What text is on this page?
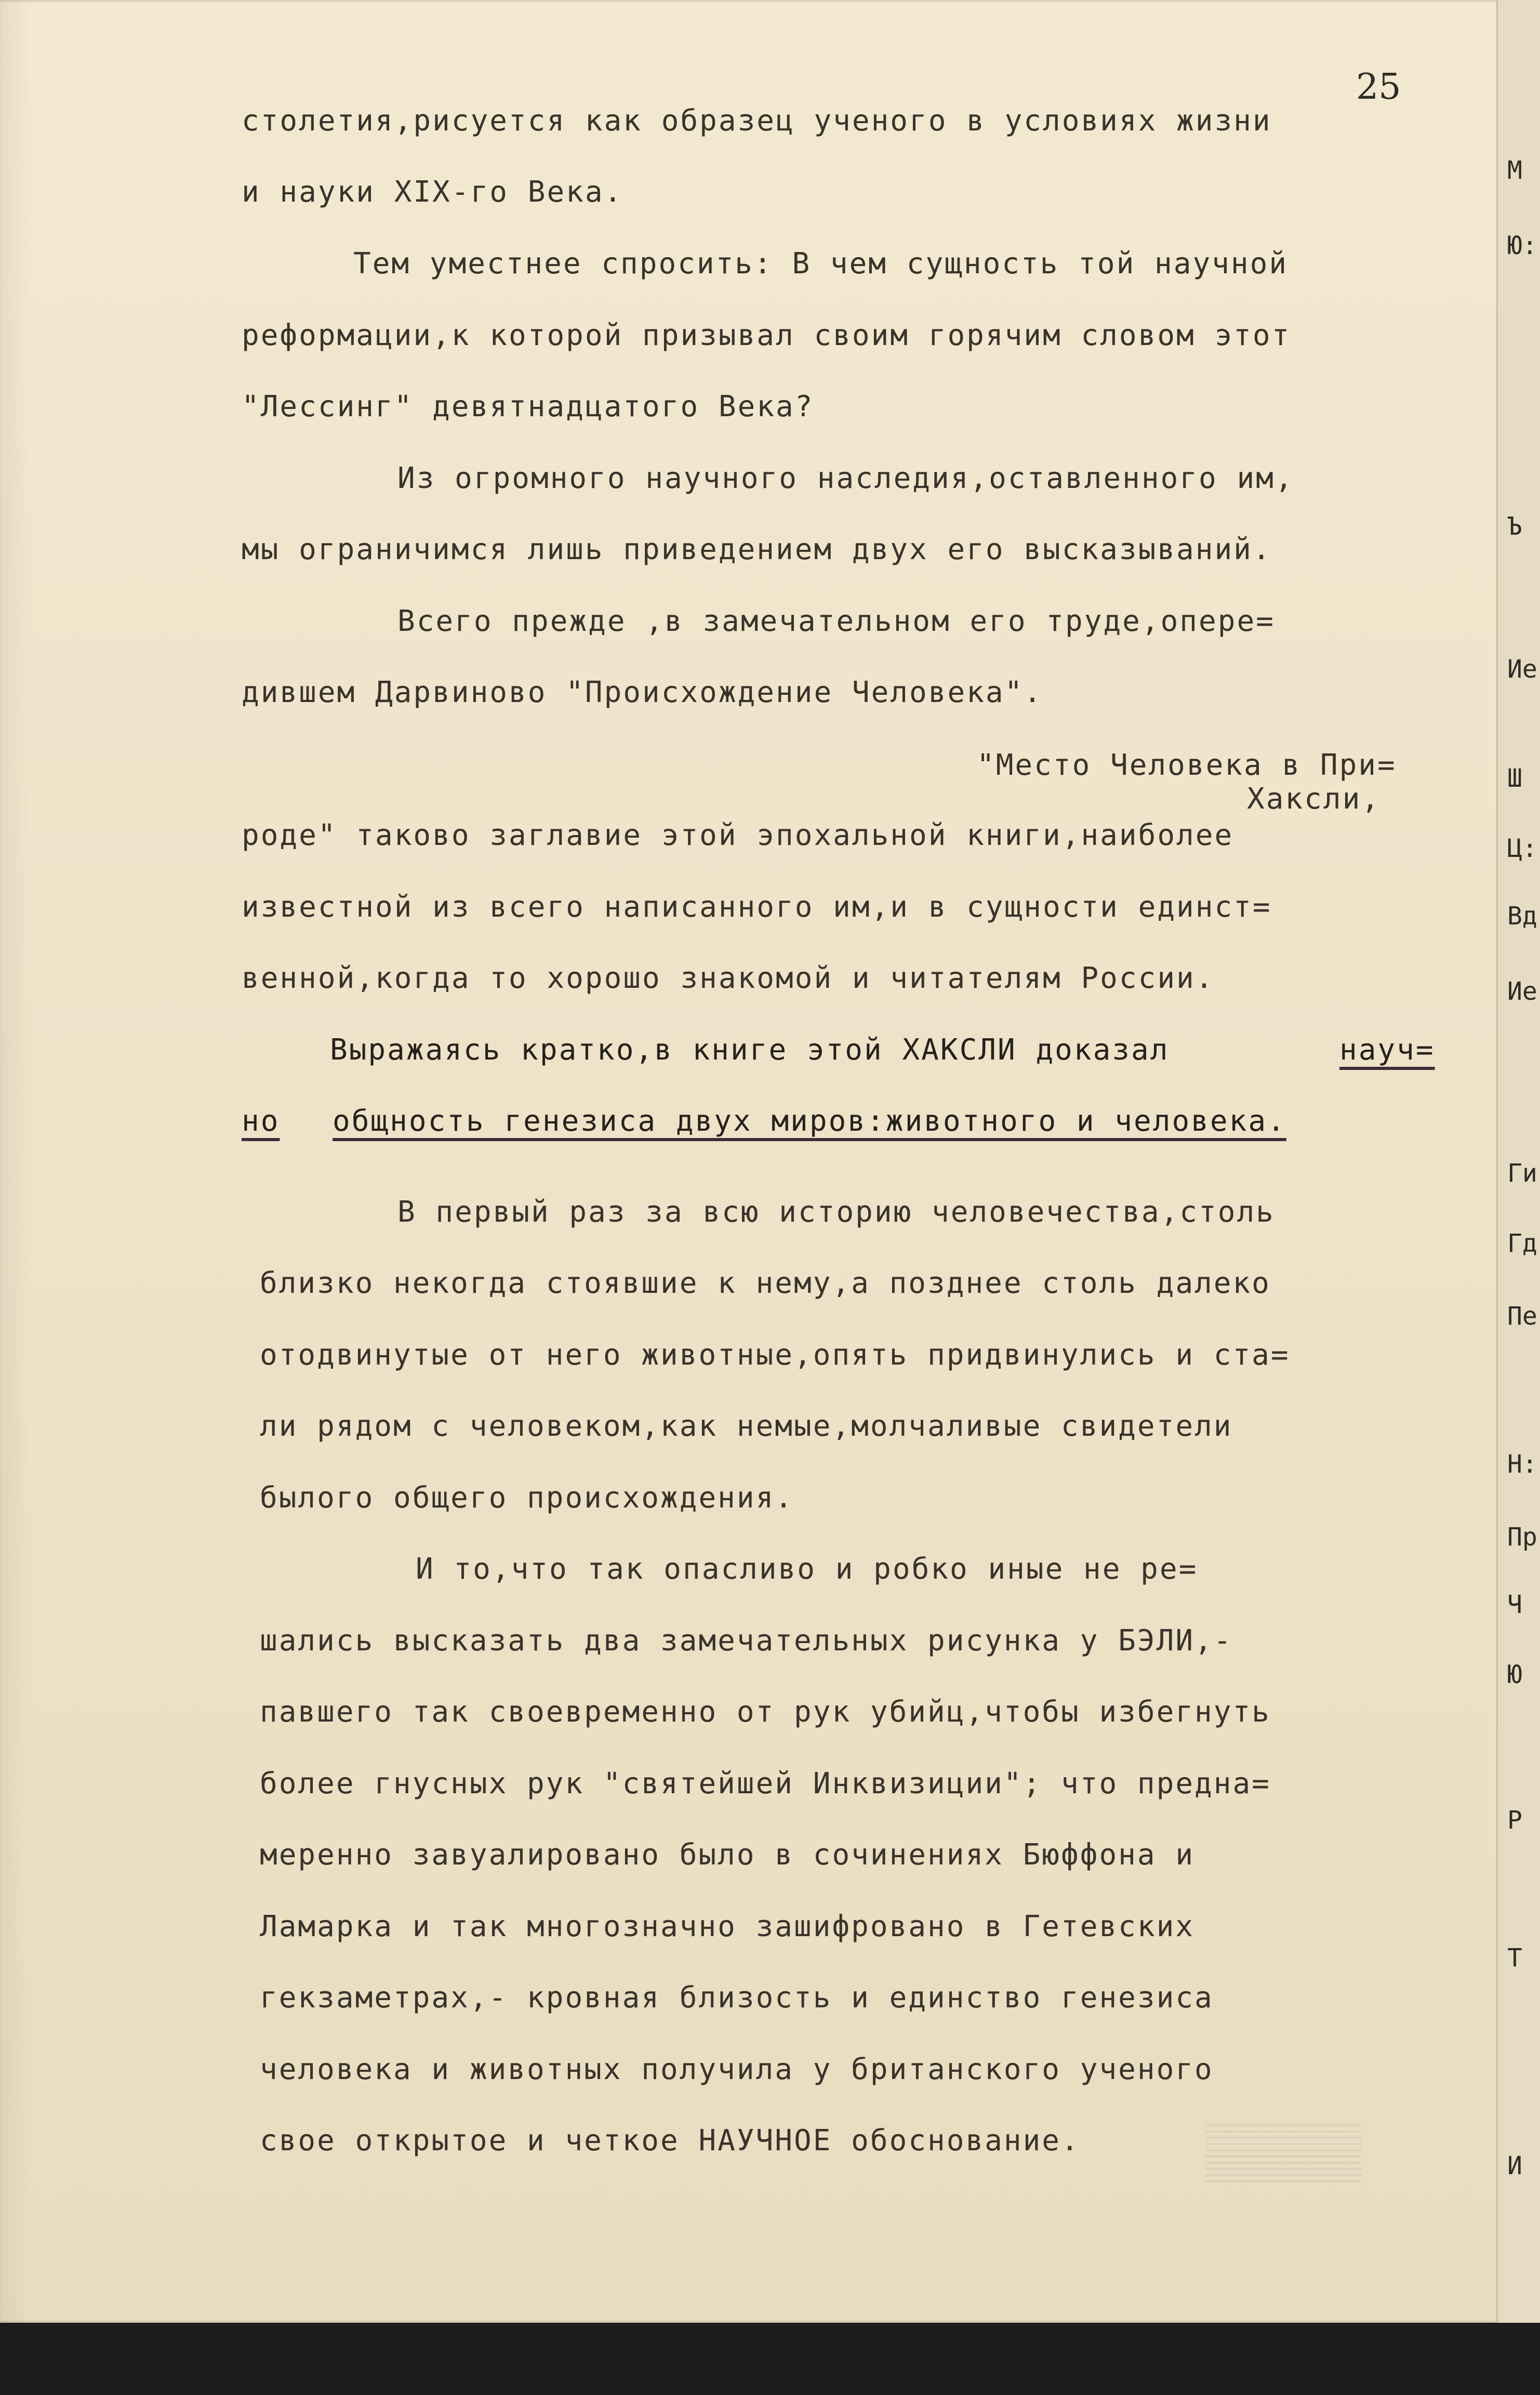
25
столетия,рисуется как образец ученого в условиях жизни
и науки XIX-го Века.
Тем уместнее спросить: В чем сущность той научной
реформации,к которой призывал своим горячим словом этот
"Лессинг" девятнадцатого Века?
Из огромного научного наследия,оставленного им,
мы ограничимся лишь приведением двух его высказываний.
Всего прежде ,в замечательном его труде,опере=
дившем Дарвиново "Происхождение Человека".
"Место Человека в При=
Хаксли,
роде" таково заглавие этой эпохальной книги,наиболее
известной из всего написанного им,и в сущности единст=
венной,когда то хорошо знакомой и читателям России.
Выражаясь кратко,в книге этой ХАКСЛИ доказал	науч=
но общность генезиса двух миров:животного и человека.
В первый раз за всю историю человечества,столь
близко некогда стоявшие к нему,а позднее столь далеко
отодвинутые от него животные,опять придвинулись и ста=
ли рядом с человеком,как немые,молчаливые свидетели
былого общего происхождения.
И то,что так опасливо и робко иные не ре=
шались высказать два замечательных рисунка у БЭЛИ,-
павшего так своевременно от рук убийц,чтобы избегнуть
более гнусных рук "святейшей Инквизиции"; что предна=
меренно завуалировано было в сочинениях Бюффона и
Ламарка и так многозначно зашифровано в Гетевских
гекзаметрах,- кровная близость и единство генезиса
человека и животных получила у британского ученого
свое открытое и четкое НАУЧНОЕ обоснование.
М
Ю:
Ъ
Ие
Ш
Ц:
Вд
Ие
Ги
Гд
Пе
Н:
Пр
Ч
Ю
Р
Т
И
